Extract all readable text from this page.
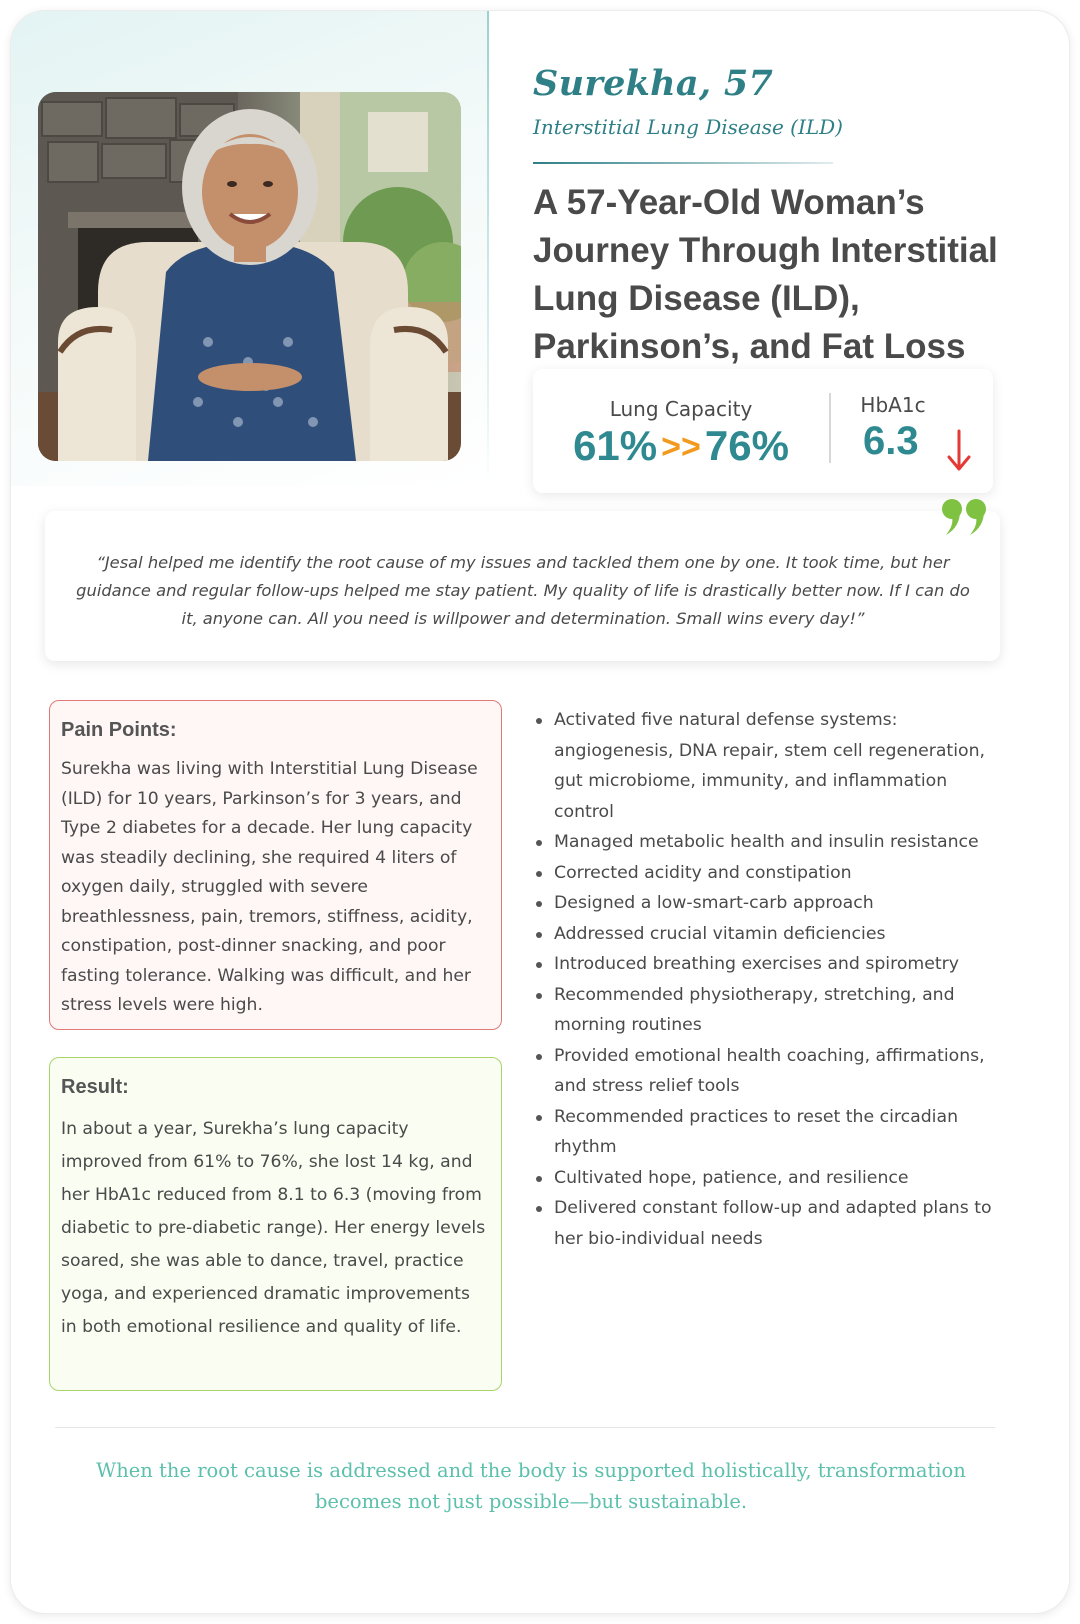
Surekha, 57
Interstitial Lung Disease (ILD)
A 57-Year-Old Woman’s Journey Through Interstitial Lung Disease (ILD), Parkinson’s, and Fat Loss
Lung Capacity
61% >>76%
HbA1c
6.3
“Jesal helped me identify the root cause of my issues and tackled them one by one. It took time, but her guidance and regular follow-ups helped me stay patient. My quality of life is drastically better now. If I can do it, anyone can. All you need is willpower and determination. Small wins every day!”
Pain Points:
Surekha was living with Interstitial Lung Disease (ILD) for 10 years, Parkinson’s for 3 years, and Type 2 diabetes for a decade. Her lung capacity was steadily declining, she required 4 liters of oxygen daily, struggled with severe breathlessness, pain, tremors, stiffness, acidity, constipation, post-dinner snacking, and poor fasting tolerance. Walking was difficult, and her stress levels were high.
Result:
In about a year, Surekha’s lung capacity improved from 61% to 76%, she lost 14 kg, and her HbA1c reduced from 8.1 to 6.3 (moving from diabetic to pre-diabetic range). Her energy levels soared, she was able to dance, travel, practice yoga, and experienced dramatic improvements in both emotional resilience and quality of life.
Activated five natural defense systems: angiogenesis, DNA repair, stem cell regeneration, gut microbiome, immunity, and inflammation control
Managed metabolic health and insulin resistance
Corrected acidity and constipation
Designed a low-smart-carb approach
Addressed crucial vitamin deficiencies
Introduced breathing exercises and spirometry
Recommended physiotherapy, stretching, and morning routines
Provided emotional health coaching, affirmations, and stress relief tools
Recommended practices to reset the circadian rhythm
Cultivated hope, patience, and resilience
Delivered constant follow-up and adapted plans to her bio-individual needs
When the root cause is addressed and the body is supported holistically, transformation becomes not just possible—but sustainable.
